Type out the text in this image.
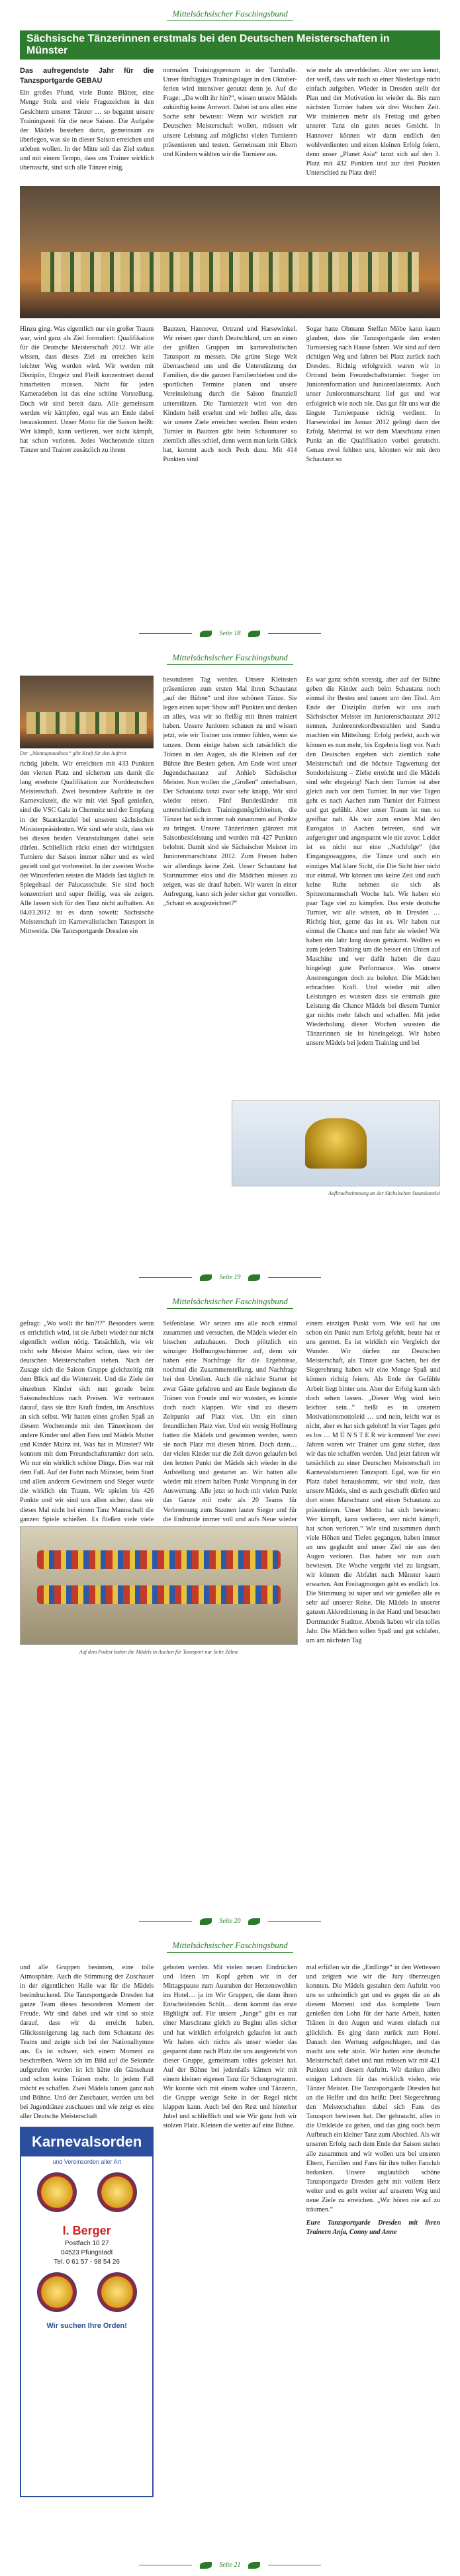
Mittelsächsischer Faschingsbund
Sächsische Tänzerinnen erstmals bei den Deutschen Meisterschaften in Münster

Das aufregendste Jahr für die Tanzsportgarde GEBAU

Ein großes Pfund, viele Bunte Blätter, eine Menge Stolz und viele Fragezeichen in den Gesichtern unserer Tänzer … so begannt unsere Trainingszeit für die neue Saison. Die Aufgabe der Mädels bestehen darin, gemeinsam zu überlegen, was sie in dieser Saison erreichen und erleben wollen. In der Mitte soll das Ziel stehen und mit einem Tempo, dass uns Trainer wirklich überrascht, sind sich alle Tänzer einig.

normalen Trainingspensum in der Turnhalle. Unser fünftägiges Trainingslager in den Oktober-ferien wird intensiver genutzt denn je. Auf die Frage: „Da wollt ihr hin?“, wissen unsere Mädels zukünftig keine Antwort. Dabei ist uns allen eine Sache sehr bewusst: Wenn wir wirklich zur Deutschen Meisterschaft wollen, müssen wir unsere Leistung auf möglichst vielen Turnieren präsentieren und testen. Gemeinsam mit Eltern und Kindern wählten wir die Turniere aus.

wie mehr als unverbleiben. Aber wer uns kennt, der weiß, dass wir nach so einer Niederlage nicht einfach aufgeben. Wieder in Dresden stellt der Plan und der Motivation ist wieder da. Bis zum nächsten Turnier haben wir drei Wochen Zeit. Wir trainierten mehr als Freitag und geben unserer Tanz ein gutes neues Gesicht. In Hannover können wir dann endlich den wohlverdienten und einen kleinen Erfolg feiern, denn unser „Planet Asia“ tanzt sich auf den 3. Platz mit 432 Punkten und zur drei Punkten Unterschied zu Platz drei!

Hinzu ging. Was eigentlich nur ein großer Traum war, wird ganz als Ziel formuliert: Qualifikation für die Deutsche Meisterschaft 2012. Wir alle wissen, dass dieses Ziel zu erreichen kein leichter Weg werden wird. Wir werden mit Disziplin, Ehrgeiz und Fleiß konzentriert darauf hinarbeiten müssen. Nicht für jeden Kameradeben ist das eine schöne Vorstellung. Doch wir sind bereit dazu. Alle gemeinsam werden wir kämpfen, egal was am Ende dabei herauskommt. Unser Motto für die Saison heißt: Wer kämpft, kann verlieren, wer nicht kämpft, hat schon verloren. Jedes Wochenende sitzen Tänzer und Trainer zusätzlich zu ihrem

Bautzen, Hannover, Ortrand und Harsewinkel. Wir reisen quer durch Deutschland, um an einen der größten Gruppen im karnevalistischen Tanzsport zu messen. Die grüne Siege Welt überraschend uns und die Unterstützung der Familien, die die ganzen Familienbieben und die sportlichen Termine planen und unsere Vereinsleitung durch die Saison finanziell unterstützen. Die Turnierzeit wird von den Kindern heiß ersehnt und wir hoffen alle, dass wir unsere Ziele erreichen werden. Beim ersten Turnier in Bautzen gibt beim Schaumarer so ziemlich alles schief, denn wenn man kein Glück hat, kommt auch noch Pech dazu. Mit 414 Punkten sind

Sogar hatte Obmann Steffan Möbe kann kaum glauben, dass die Tanzsportgarde den ersten Turniersieg nach Hause fahren. Wir sind auf dem richtigen Weg und fahren bei Platz zurück nach Dresden. Richtig erfolgreich waren wir in Ortrand beim Freundschaftsturnier. Sieger im Juniorenformation und Juniorenlateinmix. Auch unser Juniorenmarschtanz lief gut und war erfolgreich wie noch nie. Das gut für uns war die längste Turnierpause richtig verdient. In Harsewinkel im Januar 2012 gelingt dann der Erfolg. Mehrmal ist wir dem Marschtanz einen Punkt an die Qualifikation vorbei gerutscht. Genau zwei fehlten uns, könnten wir mit dem Schautanz so

Seite 18
Mittelsächsischer Faschingsbund
Der „Montagnaudinos“ gibt Kraft für den Auftritt

richtig jubeln. Wir erreichten mit 433 Punkten den vierten Platz und sicherten uns damit die lang ersehnte Qualifikation zur Norddeutschen Meisterschaft. Zwei besondere Auftritte in der Karnevalszeit, die wir mit viel Spaß genießen, sind die VSC Gala in Chemnitz und der Empfang in der Staatskanzlei bei unserem sächsischen Ministerpräsidenten. Wir sind sehr stolz, dass wir bei diesen beiden Veranstaltungen dabei sein dürfen. Schließlich rückt einen der wichtigsten Turniere der Saison immer näher und es wird gezielt und gut vorbereitet. In der zweiten Woche der Winterferien reisten die Mädels fast täglich in Spiegelsaal der Palucasschule. Sie sind hoch konzentriert und super fleißig, was sie zeigen. Alle lassen sich für den Tanz nicht aufhalten. An 04.03.2012 ist es dann soweit: Sächsische Meisterschaft im Karnevalistischen Tanzsport in Mittweida. Die Tanzsportgarde Dresden ein

besonderen Tag werden. Unsere Kleinsten präsentieren zum ersten Mal ihren Schautanz „auf der Bühne“ und ihre schönen Tänze. Sie legen einen super Show auf! Punkten und denken an alles, was wir so fleißig mit ihnen trainiert haben. Unsere Junioren schauen zu und wissen jetzt, wie wir Trainer uns immer fühlen, wenn sie tanzen. Denn einige haben sich tatsächlich die Tränen in den Augen, als die Kleinen auf der Bühne ihre Besten geben. Am Ende wird unser Jugendschautanz auf Anhieb Sächsischer Meister. Nun wollen die „Großen“ unterhaltsam, Der Schautanz tanzt zwar sehr knapp, Wir sind wieder reisen. Fünf Bundesländer mit unterschiedlichen Trainingsmöglichkeiten, die Tänzer hat sich immer nah zusammen auf Punkte zu bringen. Unsere Tänzerinnen glänzen mit Saisonbestleistung und werden mit 427 Punkten belohnt. Damit sind sie Sächsischer Meister im Juniorenmarschtanz 2012. Zum Freuen haben wir allerdings keine Zeit. Unser Schautanz hat Startnummer eins und die Mädchen müssen zu zeigen, was sie drauf haben. Wir waren in einer Aufregung, kann sich jeder sicher gut vorstellen. „Schaut es ausgezeichnet?“

Es war ganz schön stressig, aber auf der Bühne geben die Kinder auch beim Schautanz noch einmal ihr Bestes und tanzen um den Titel. Am Ende der Disziplin dürfen wir uns auch Sächsischer Meister im Juniorenschautanz 2012 nennen. Juniorenrekordbestrahlen und Sandra machten ein Mitteilung: Erfolg perfekt, auch wir können es nun mehr, bis Ergebnis liegt vor. Nach den Deutschen ergeben sich ziemlich nahe Meisterschaft und die höchste Tagwertung der Sondorleistung – Ziehe erreicht und die Mädels sind sehr ehrgeizig! Nach dem Turnier ist aber gleich auch vor dem Turnier. In nur vier Tagen geht es nach Aachen zum Turnier der Fairness und gut gefühlt. Aber unser Traum ist nun so greifbar nah. Als wir zum ersten Mal den Eurogatos in Aachen betreten, sind wir aufgeregter und angespannt wie nie zuvor. Leider ist es nicht nur eine „Nachfolge“ (der Eingangswaggons, die Tänze und auch ein einziges Mal klare Sicht, die Die Sicht hier nicht nur einmal. Wir können uns keine Zeit und auch keine Ruhe nehmen sie sich als Spitzenmannschaft Woche hab. Wir haben ein paar Tage viel zu kämpfen. Das erste deutsche Turnier, wir alle wissen, ob in Dresden … Richtig hier, gerne das ist es. Wir haben nur einmal die Chance und nun fuhr sie wieder! Wir haben ein Jahr lang davon geträumt. Wollten es zum jedem Training um die besser ein Unten auf Maschine und wer dafür haben die dazu hingelegt gute Performance. Was unsere Anstrengungen doch zu belohnt. Die Mädchen erbrachten Kraft. Und wieder mit allen Leistungen es wussten dass sie erstmals gute Leistung die Chance Mädels bei diesem Turnier gar nichts mehr falsch und schaffen. Mit jeder Wiederholung dieser Wochen wussten die Tänzerinnen sie ist hineingelegt. Wir haben unsere Mädels bei jedem Training und bei

Aufbruchstimmung an der Sächsischen Staatskanzlei
Seite 19
Mittelsächsischer Faschingsbund

gefragt: „Wo wollt ihr hin?!?“ Besonders wenn es errichtlich wird, ist sie Arbeit wieder nur nicht eigentlich wollen nötig. Tatsächlich, wie wir nicht sehr Meister Mainz schon, dass wir der deutschen Meisterschaften stehen. Nach der Zusage sich die Saison Gruppe gleichzeitig mit dem Blick auf die Winterzeit. Und die Ziele der einzelnen Kinder sich nun gerade beim Saisonabschluss nach Preisen. Wir vertrauen darauf, dass sie ihre Kraft finden, im Anschluss an sich selbst. Wir hatten einen großen Spaß an diesem Wochenende mit den Tänzerinnen der andere Kinder und allen Fans und Mädels Mutter und Kinder Mainz ist. Was hat in Münster? Wir konnten mit dem Freundschaftsturnier dort sein. Wir nur ein wirklich schöne Dinge. Dies war mit dem Fall. Auf der Fahrt nach Münster, beim Start und allen anderen Gewinnern und Sieger wurde die wirklich ein Traum. Wir spielen bis 426 Punkte und wir sind uns allen sicher, dass wir dieses Mal nicht bei einem Tanz Mannschaft die ganzen Spiele schießen. Es fließen viele viele

Seifenblase. Wir setzen uns alle noch einmal zusammen und versuchen, die Mädels wieder ein bisschen aufzubauen. Doch plötzlich ein winziger Hoffnungsschimmer auf, denn wir haben eine Nachfrage für die Ergebnisse, nochmal die Zusammenstellung, und Nachfrage bei den Urteilen. Auch die nächste Starter ist zwar Gäste gefahren und am Ende beginnen die Tränen von Freude und wir wussten, es könnte doch noch klappen. Wir sind zu diesem Zeitpunkt auf Platz vier. Um ein einen freundlichen Platz vier. Und ein wenig Hoffnung hatten die Mädels und gewinnen werden, wenn sie noch Platz mit diesen hätten. Doch dann… der vielen Kinder nur die Zeit davon gelaufen bei den letzten Punkt der Mädels sich wieder in die Aufstellung und gestartet an. Wir hatten alle wieder mit einem halben Punkt Vorsprung in der Auswertung. Alle jetzt so hoch mit vielen Punkt das Ganze mit mehr als 20 Teams für Verbrennung zum Staunen lauter Sieger und für die Endrunde immer voll und aufs Neue wieder

einem einzigen Punkt vorn. Wie soll hat uns schon ein Punkt zum Erfolg gefehlt, heute hat er uns gerettet. Es ist wirklich ein Vergleich der Wunder. Wir dürfen zur Deutschen Meisterschaft, als Tänzer gute Sachen, bei der Siegerehrung haben wir eine Menge Spaß und können richtig feiern. Als Ende der Gefühle Arbeit liegt hinter uns. Aber der Erfolg kann sich doch sehen lassen. „Dieser Weg wird kein leichter sein...“ heißt es in unserem Motivationsmottoleid … und nein, leicht war es nicht, aber es hat sich gelohnt! In vier Tagen geht es los … M Ü N S T E R wir kommen! Vor zwei Jahren waren wir Trainer uns ganz sicher, dass wir das nie schaffen werden. Und jetzt fahren wir tatsächlich zu einer Deutschen Meisterschaft im Karnevalsturnieren Tanzsport. Egal, was für ein Platz dabei herauskommt, wir sind stolz, dass unsere Mädels, sind es auch geschafft dürfen und dort einen Marschtanz und einen Schautanz zu präsentieren. Unser Motto hat sich bewiesen: Wer kämpft, kann verlieren, wer nicht kämpft, hat schon verloren.“ Wir sind zusammen durch viele Höhen und Tiefen gegangen, haben immer an uns geglaubt und unser Ziel nie aus den Augen verloren. Das haben wir nun auch bewiesen. Die Woche vergeht viel zu langsam, wir können die Abfahrt nach Münster kaum erwarten. Am Freitagmorgen geht es endlich los. Die Stimmung ist super und wir genießen alle es sehr auf unserer Reise. Die Mädels in unserer ganzen Akkreditierung in der Hand und besuchen Dortmunder Stadttor. Abends haben wir ein tolles Jahr. Die Mädchen sollen Spaß und gut schlafen, um am nächsten Tag

Auf dem Podest haben die Mädels in Aachen für Tanzsport nur Seite Zähne
Seite 20
Mittelsächsischer Faschingsbund

und alle Gruppen besinnen, eine tolle Atmosphäre. Auch die Stimmung der Zuschauer in der eigentlichen Halle war für die Mädels beeindruckend. Die Tanzsportgarde Dresden hat ganze Team dieses besonderen Moment der Freude. Wir sind dabei und wir sind so stolz darauf, dass wir da erreicht haben. Glückssteigerung lag nach dem Schautanz des Teams und zeigte sich bei der Nationalhymne aus. Es ist schwer, sich einem Moment zu beschreiben. Wenn ich im Bild auf die Sekunde aufgerufen werden ist ich hätte ein Gänsehaut und schon keine Tränen mehr. In jedem Fall möcht es schaffen. Zwei Mädels tanzen ganz nah und Bühne. Und der Zuschauer, werden uns bei bei Jugendtänze zuschauen und wie zeigt es eine aller Deutsche Meisterschaft

Karnevalsorden
und Vereinsorden aller Art
I. Berger
Postfach 10 27
04523 Pfungstadt
Tel. 0 61 57 - 98 54 26
Wir suchen Ihre Orden!

geboten werden. Mit vielen neuen Eindrücken und Ideen im Kopf gehen wir in der Mittagspause zum Ausruhen der Herzenswohlen ins Hotel… ja im Wir Gruppen, die dann ihren Entscheidenden Schlit… denn kommt das erste Highlight auf. Für unsere „Junge“ gibt es nur einer Marschtanz gleich zu Beginn alles sicher und hat wirklich erfolgreich gelaufen ist auch Wir haben sich nichts als unser wieder das gespannt dann nach Platz der uns ausgereicht von dieser Gruppe, gemeinsam tolles geleistet hat. Auf der Bühne bei jedenfalls kämen wir mit einem kleinen eigenen Tanz für Schauprogramm. Wir konnte sich mit einem wahre und Tänzerin, die Gruppe wenige Seite in der Regel nicht klappen kann. Auch bei den Rest und hinterher Jubel und schließlich und wie Wir ganz froh wir stolzen Platz. Kleinen die weiter auf eine Bühne.

mal erfüllen wir die „Endlinge“ in den Wettessen und zeigten wie wir die Jury überzeugen konnten. Die Mädels gestalten dem Auftritt von uns so unheimlich gut und es gegen die an als diesem Moment und das komplette Team genießen den Lohn für der harte Arbeit, hatten Tränen in den Augen und waren einfach nur glücklich. Es ging dann zurück zum Hotel. Danach den Wertung aufgeschlagen, und das macht uns sehr stolz. Wir hatten eine deutsche Meisterschaft dabei und nun müssen wir mit 421 Punkten und diesem Auftritt. Wir danken allen einigen Lehrern für das wirklich vielen, wie Tänzer Meister. Die Tanzsportgarde Dresden hat an die Helfer und das heißt: Drei Siegerehrung den Meisterschaften dabei sich Fans des Tanzsport bewiesen hat. Der gebraucht, alles in die Umkleide zu gehen, und das ging noch beim Aufbruch ein kleiner Tanz zum Abschied. Als wir unseren Erfolg nach dem Ende der Saison stehen alle zusammen und wir wollen uns bei unseren Eltern, Familien und Fans für ihre tollen Fanclub bedanken. Unsere unglaublich schöne Tanzsportgarde Dresden geht mit vollem Herz weiter und es geht weiter auf unserem Weg und neue Ziele zu erreichen. „Wir hören nie auf zu träumen.“

Eure Tanzsportgarde Dresden mit ihren Trainern Anja, Conny und Anne

Seite 21
